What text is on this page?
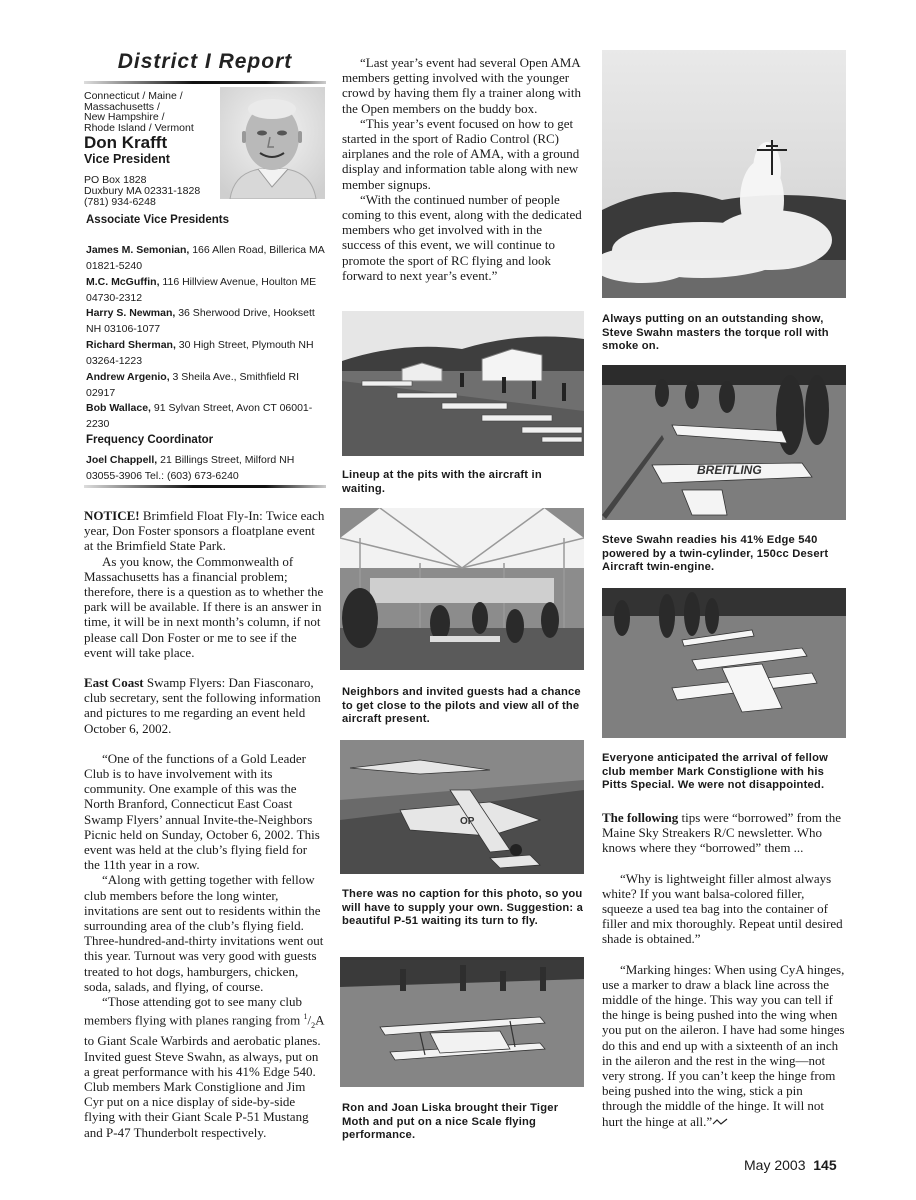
District I Report
Connecticut / Maine /
Massachusetts /
New Hampshire /
Rhode Island / Vermont
Don Krafft
Vice President
PO Box 1828
Duxbury MA 02331-1828
(781) 934-6248
Associate Vice Presidents
James M. Semonian, 166 Allen Road, Billerica MA 01821-5240
M.C. McGuffin, 116 Hillview Avenue, Houlton ME 04730-2312
Harry S. Newman, 36 Sherwood Drive, Hooksett NH 03106-1077
Richard Sherman, 30 High Street, Plymouth NH 03264-1223
Andrew Argenio, 3 Sheila Ave., Smithfield RI 02917
Bob Wallace, 91 Sylvan Street, Avon CT 06001-2230
Frequency Coordinator
Joel Chappell, 21 Billings Street, Milford NH 03055-3906 Tel.: (603) 673-6240

NOTICE! Brimfield Float Fly-In: Twice each year, Don Foster sponsors a floatplane event at the Brimfield State Park.

As you know, the Commonwealth of Massachusetts has a financial problem; therefore, there is a question as to whether the park will be available. If there is an answer in time, it will be in next month’s column, if not please call Don Foster or me to see if the event will take place.

East Coast Swamp Flyers: Dan Fiasconaro, club secretary, sent the following information and pictures to me regarding an event held October 6, 2002.

“One of the functions of a Gold Leader Club is to have involvement with its community. One example of this was the North Branford, Connecticut East Coast Swamp Flyers’ annual Invite-the-Neighbors Picnic held on Sunday, October 6, 2002. This event was held at the club’s flying field for the 11th year in a row.

“Along with getting together with fellow club members before the long winter, invitations are sent out to residents within the surrounding area of the club’s flying field. Three-hundred-and-thirty invitations went out this year. Turnout was very good with guests treated to hot dogs, hamburgers, chicken, soda, salads, and flying, of course.

“Those attending got to see many club members flying with planes ranging from $^1/_2A$ to Giant Scale Warbirds and aerobatic planes. Invited guest Steve Swahn, as always, put on a great performance with his 41% Edge 540. Club members Mark Constiglione and Jim Cyr put on a nice display of side-by-side flying with their Giant Scale P-51 Mustang and P-47 Thunderbolt respectively.

“Last year’s event had several Open AMA members getting involved with the younger crowd by having them fly a trainer along with the Open members on the buddy box.

“This year’s event focused on how to get started in the sport of Radio Control (RC) airplanes and the role of AMA, with a ground display and information table along with new member signups.

“With the continued number of people coming to this event, along with the dedicated members who get involved with in the success of this event, we will continue to promote the sport of RC flying and look forward to next year’s event.”

Lineup at the pits with the aircraft in waiting.
Neighbors and invited guests had a chance to get close to the pilots and view all of the aircraft present.
OP
There was no caption for this photo, so you will have to supply your own. Suggestion: a beautiful P-51 waiting its turn to fly.
Ron and Joan Liska brought their Tiger Moth and put on a nice Scale flying performance.
Always putting on an outstanding show, Steve Swahn masters the torque roll with smoke on.
BREITLING
Steve Swahn readies his 41% Edge 540 powered by a twin-cylinder, 150cc Desert Aircraft twin-engine.
Everyone anticipated the arrival of fellow club member Mark Constiglione with his Pitts Special. We were not disappointed.

The following tips were “borrowed” from the Maine Sky Streakers R/C newsletter. Who knows where they “borrowed” them ...

“Why is lightweight filler almost always white? If you want balsa-colored filler, squeeze a used tea bag into the container of filler and mix thoroughly. Repeat until desired shade is obtained.”

“Marking hinges: When using CyA hinges, use a marker to draw a black line across the middle of the hinge. This way you can tell if the hinge is being pushed into the wing when you put on the aileron. I have had some hinges do this and end up with a sixteenth of an inch in the aileron and the rest in the wing—not very strong. If you can’t keep the hinge from being pushed into the wing, stick a pin through the middle of the hinge. It will not hurt the hinge at all.”

May 2003 145
